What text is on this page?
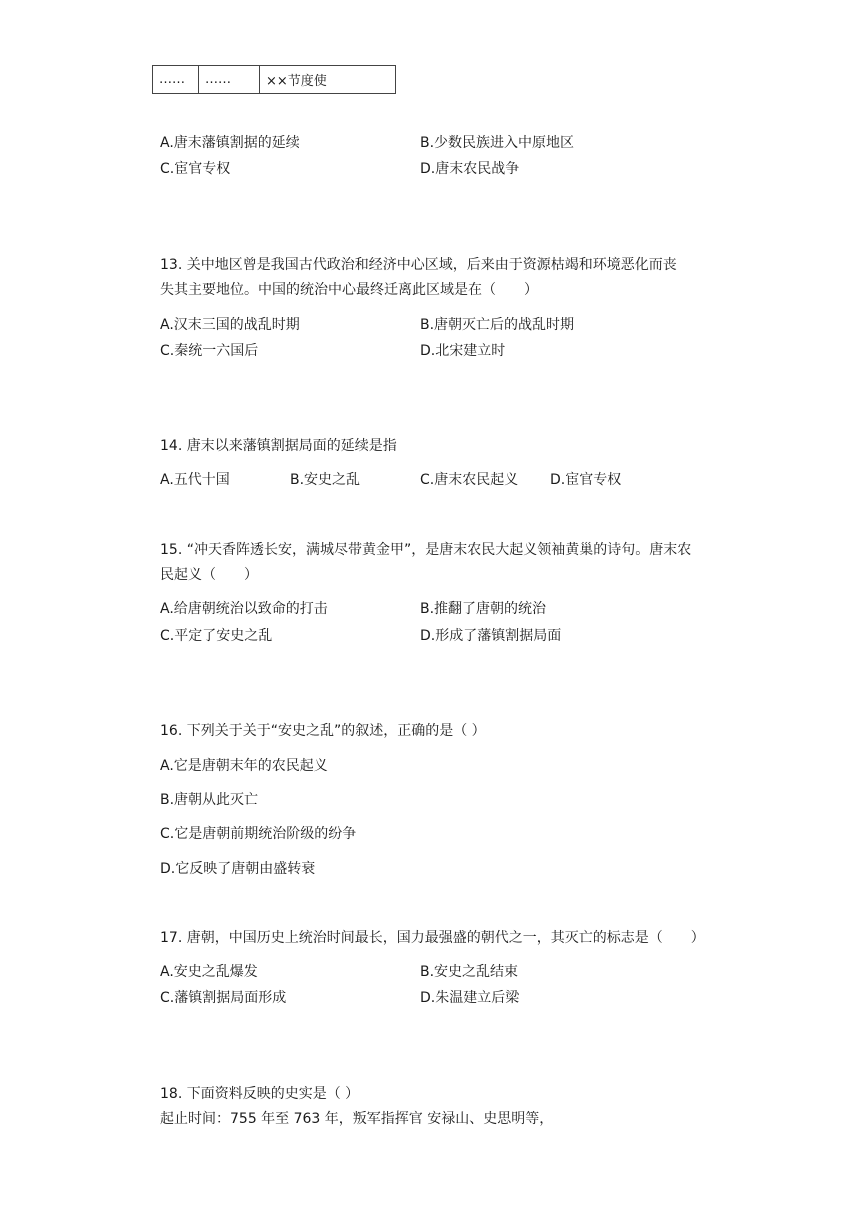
……	……	××节度使
A.唐末藩镇割据的延续	B.少数民族进入中原地区
C.宦官专权	D.唐末农民战争
13. 关中地区曾是我国古代政治和经济中心区域，后来由于资源枯竭和环境恶化而丧
失其主要地位。中国的统治中心最终迁离此区域是在（　　）
A.汉末三国的战乱时期	B.唐朝灭亡后的战乱时期
C.秦统一六国后	D.北宋建立时
14. 唐末以来藩镇割据局面的延续是指
A.五代十国	B.安史之乱	C.唐末农民起义 D.宦官专权
15. “冲天香阵透长安，满城尽带黄金甲”，是唐末农民大起义领袖黄巢的诗句。唐末农
民起义（　　）
A.给唐朝统治以致命的打击	B.推翻了唐朝的统治
C.平定了安史之乱	D.形成了藩镇割据局面
16. 下列关于关于“安史之乱”的叙述，正确的是（ ）
A.它是唐朝末年的农民起义
B.唐朝从此灭亡
C.它是唐朝前期统治阶级的纷争
D.它反映了唐朝由盛转衰
17. 唐朝，中国历史上统治时间最长，国力最强盛的朝代之一，其灭亡的标志是（　　）
A.安史之乱爆发	B.安史之乱结束
C.藩镇割据局面形成	D.朱温建立后梁
18. 下面资料反映的史实是（ ）
起止时间：755 年至 763 年，叛军指挥官 安禄山、史思明等，
